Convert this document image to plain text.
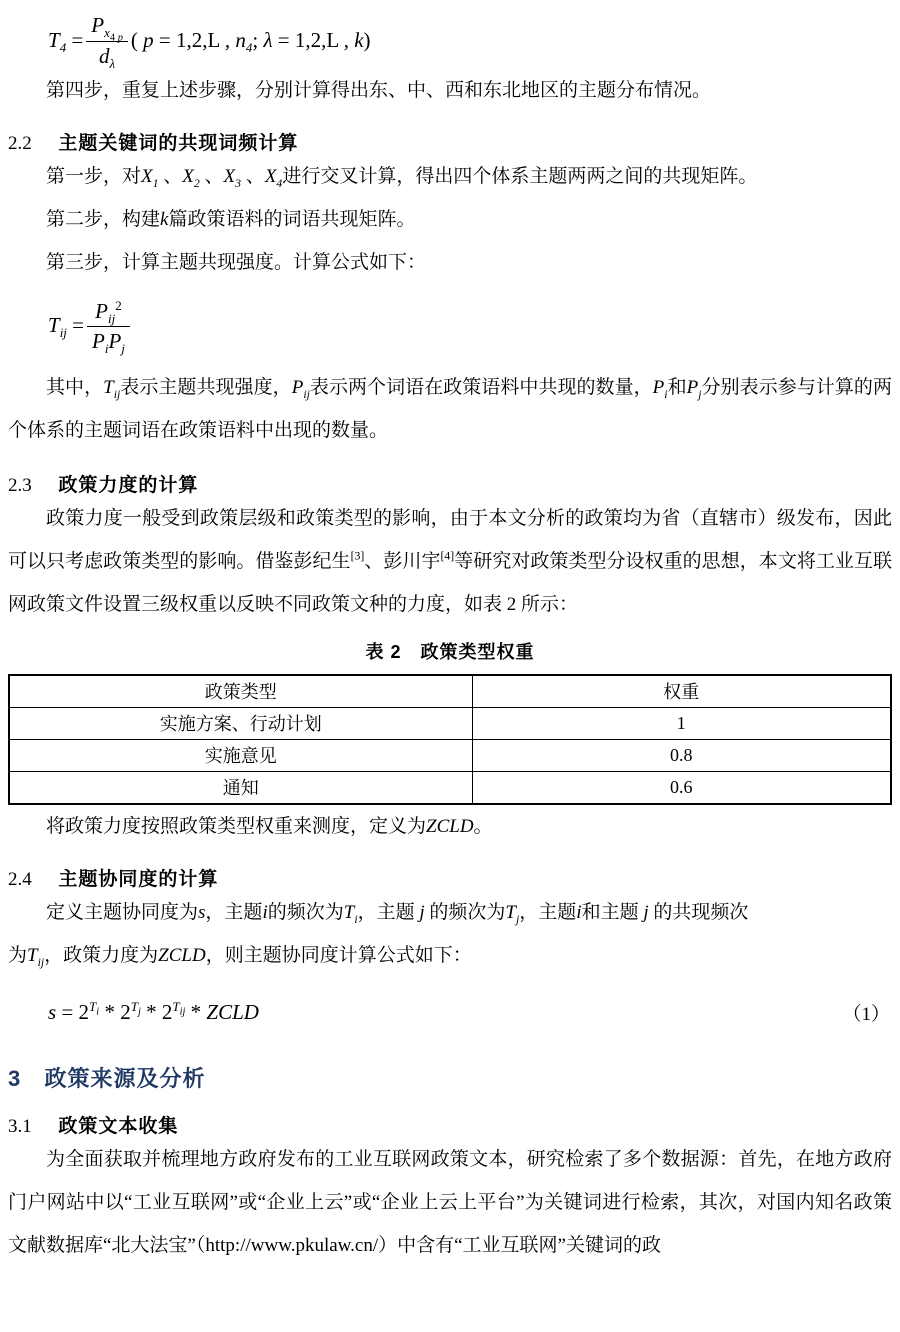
$T_4 = \frac{P_{x_{4 p}}}{d_\lambda}$ ( p = 1,2,L , $n_4$; λ = 1,2,L , k)

第四步，重复上述步骤，分别计算得出东、中、西和东北地区的主题分布情况。

2.2 主题关键词的共现词频计算

第一步，对$X_1$ 、$X_2$ 、$X_3$ 、$X_4$进行交叉计算，得出四个体系主题两两之间的共现矩阵。

第二步，构建k篇政策语料的词语共现矩阵。

第三步，计算主题共现强度。计算公式如下：

$T_{ij} = \frac{P_{ij}^2}{P_iP_j}$

其中，$T_{ij}$表示主题共现强度，$P_{ij}$表示两个词语在政策语料中共现的数量，$P_i$和$P_j$分别表示参与计算的两个体系的主题词语在政策语料中出现的数量。

2.3 政策力度的计算

政策力度一般受到政策层级和政策类型的影响，由于本文分析的政策均为省（直辖市）级发布，因此可以只考虑政策类型的影响。借鉴彭纪生[3]、彭川宇[4]等研究对政策类型分设权重的思想，本文将工业互联网政策文件设置三级权重以反映不同政策文种的力度，如表 2 所示：

表 2　政策类型权重
政策类型	权重
实施方案、行动计划	1
实施意见	0.8
通知	0.6

将政策力度按照政策类型权重来测度，定义为ZCLD。

2.4 主题协同度的计算

定义主题协同度为s，主题i的频次为$T_i$，主题 j 的频次为$T_j$，主题i和主题 j 的共现频次

为$T_{ij}$，政策力度为ZCLD，则主题协同度计算公式如下：

$s = 2^{T_i} * 2^{T_j} * 2^{T_{ij}}$ * ZCLD	（1）
3 政策来源及分析
3.1 政策文本收集

为全面获取并梳理地方政府发布的工业互联网政策文本，研究检索了多个数据源：首先，在地方政府门户网站中以“工业互联网”或“企业上云”或“企业上云上平台”为关键词进行检索，其次，对国内知名政策文献数据库“北大法宝”（http://www.pkulaw.cn/）中含有“工业互联网”关键词的政
